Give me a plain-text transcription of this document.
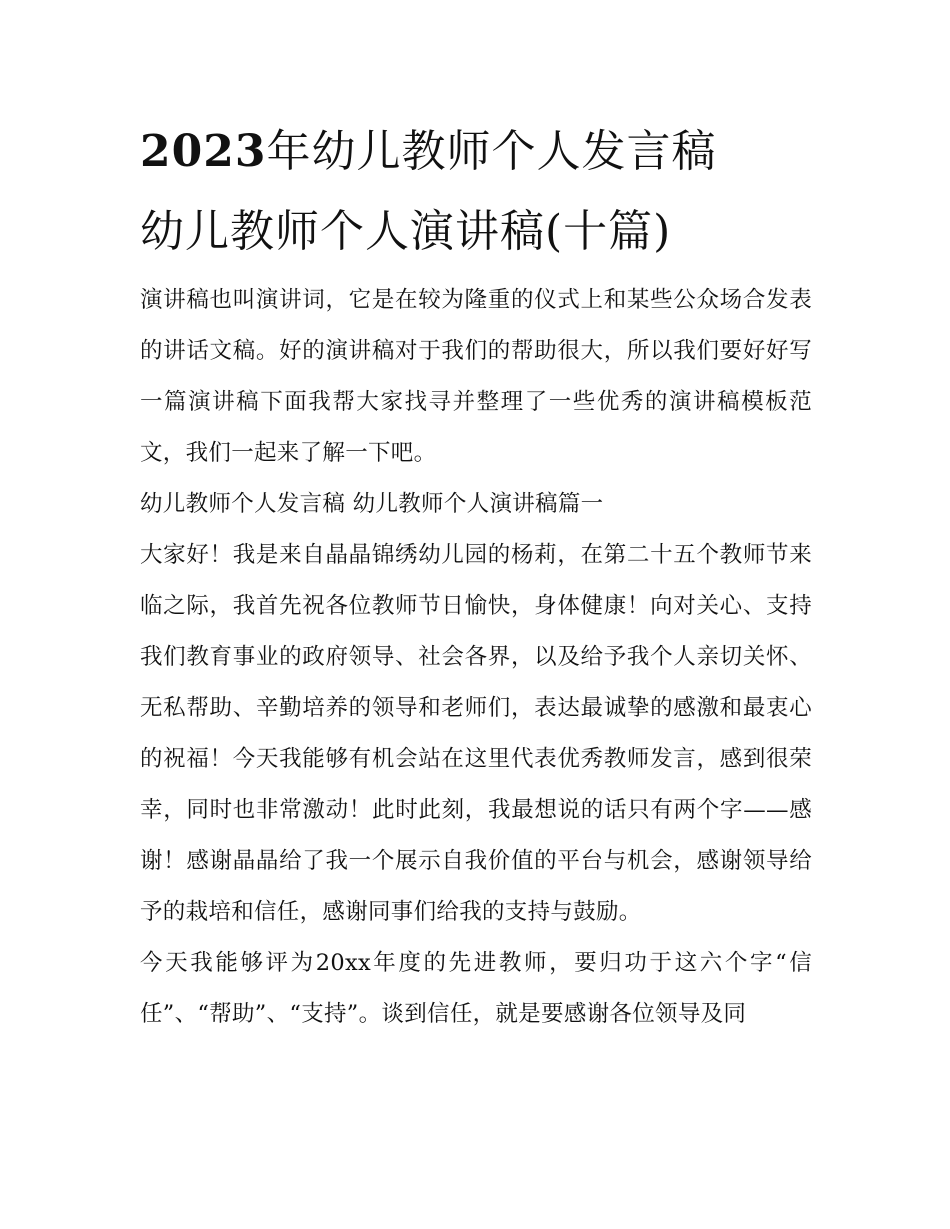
2023年幼儿教师个人发言稿
幼儿教师个人演讲稿(十篇)

演讲稿也叫演讲词，它是在较为隆重的仪式上和某些公众场合发表的讲话文稿。好的演讲稿对于我们的帮助很大，所以我们要好好写一篇演讲稿下面我帮大家找寻并整理了一些优秀的演讲稿模板范文，我们一起来了解一下吧。

幼儿教师个人发言稿 幼儿教师个人演讲稿篇一

大家好！我是来自晶晶锦绣幼儿园的杨莉，在第二十五个教师节来临之际，我首先祝各位教师节日愉快，身体健康！向对关心、支持我们教育事业的政府领导、社会各界，以及给予我个人亲切关怀、无私帮助、辛勤培养的领导和老师们，表达最诚挚的感激和最衷心的祝福！今天我能够有机会站在这里代表优秀教师发言，感到很荣幸，同时也非常激动！此时此刻，我最想说的话只有两个字——感谢！感谢晶晶给了我一个展示自我价值的平台与机会，感谢领导给予的栽培和信任，感谢同事们给我的支持与鼓励。

今天我能够评为20xx年度的先进教师，要归功于这六个字“信任”、“帮助”、“支持”。谈到信任，就是要感谢各位领导及同
